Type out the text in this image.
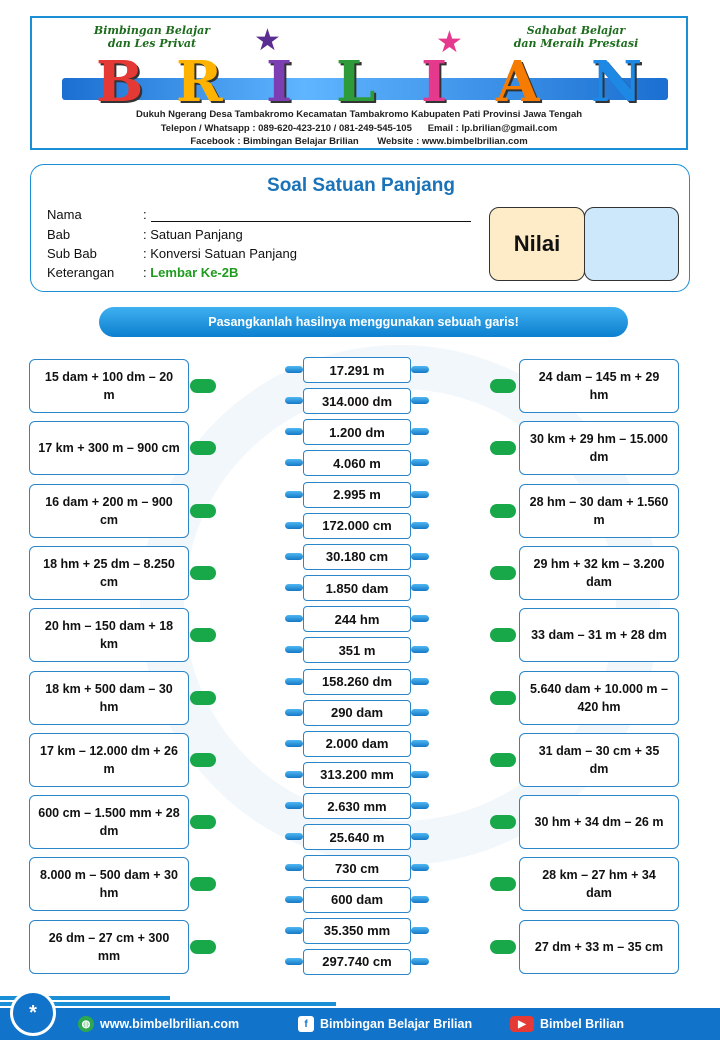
Bimbingan Belajar
dan Les Privat
Sahabat Belajar
dan Meraih Prestasi
B R I L I A N
★	★
Dukuh Ngerang Desa Tambakromo Kecamatan Tambakromo Kabupaten Pati Provinsi Jawa Tengah
Telepon / Whatsapp : 089-620-423-210 / 081-249-545-105      Email : lp.brilian@gmail.com
Facebook : Bimbingan Belajar Brilian       Website : www.bimbelbrilian.com
Soal Satuan Panjang
Nama	:
Bab	: Satuan Panjang
Sub Bab	: Konversi Satuan Panjang
Keterangan	: Lembar Ke-2B
Nilai
Pasangkanlah hasilnya menggunakan sebuah garis!
15 dam + 100 dm – 20 m
17 km + 300 m – 900 cm
16 dam + 200 m – 900 cm
18 hm + 25 dm – 8.250 cm
20 hm – 150 dam + 18 km
18 km + 500 dam – 30 hm
17 km – 12.000 dm + 26 m
600 cm – 1.500 mm + 28 dm
8.000 m – 500 dam + 30 hm
26 dm – 27 cm + 300 mm
24 dam – 145 m + 29 hm
30 km + 29 hm – 15.000 dm
28 hm – 30 dam + 1.560 m
29 hm + 32 km – 3.200 dam
33 dam – 31 m + 28 dm
5.640 dam + 10.000 m – 420 hm
31 dam – 30 cm + 35 dm
30 hm + 34 dm – 26 m
28 km – 27 hm + 34 dam
27 dm + 33 m – 35 cm
17.291 m
314.000 dm
1.200 dm
4.060 m
2.995 m
172.000 cm
30.180 cm
1.850 dam
244 hm
351 m
158.260 dm
290 dam
2.000 dam
313.200 mm
2.630 mm
25.640 m
730 cm
600 dam
35.350 mm
297.740 cm
*
◍ www.bimbelbrilian.com	f Bimbingan Belajar Brilian	▶	Bimbel Brilian
